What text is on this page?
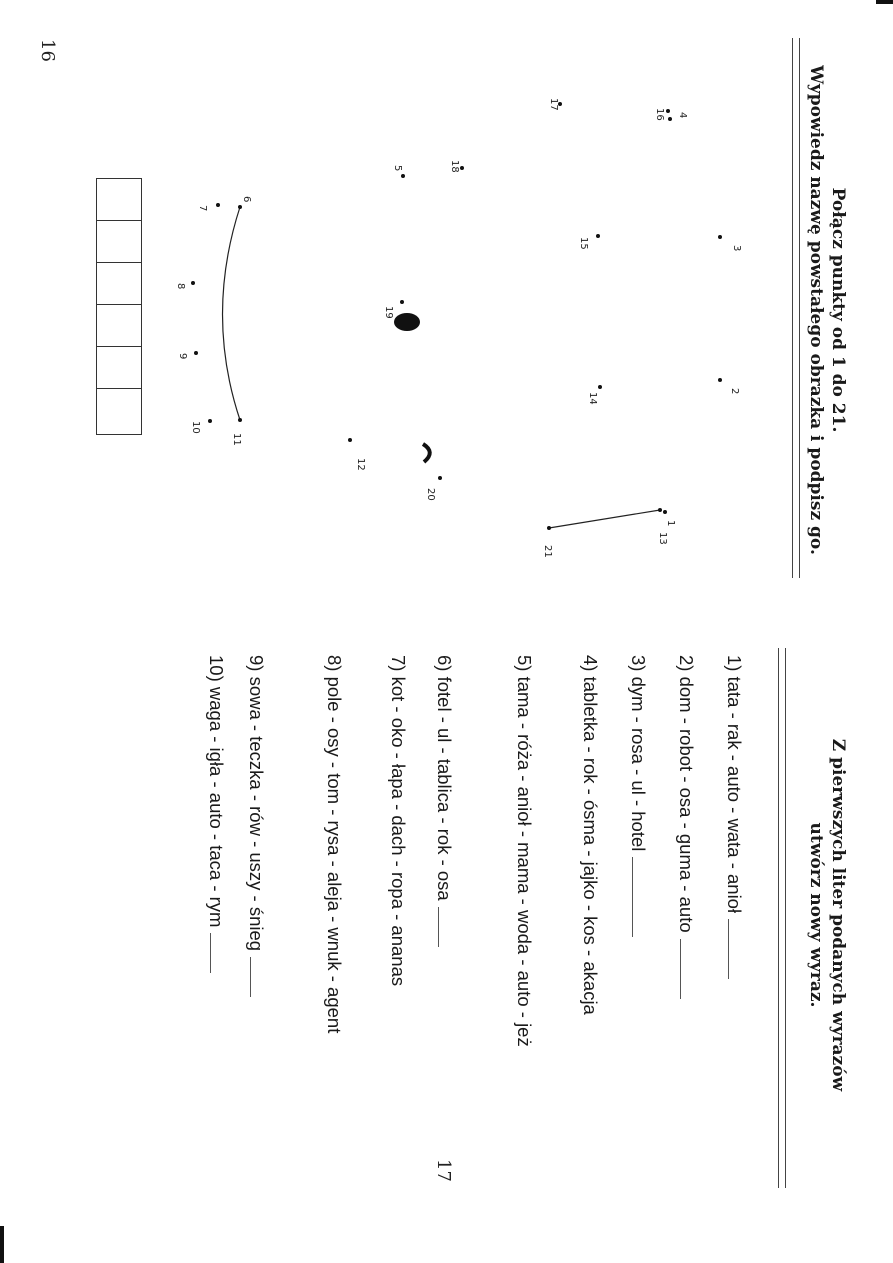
16
17
Połącz punkty od 1 do 21.
Wypowiedz nazwę powstałego obrazka i podpisz go.
1
2
3
4
5
6
7
8
9
10
11
12
13
14
15
16
17
18
19
20
21
Z pierwszych liter podanych wyrazów
utwórz nowy wyraz.
1) tata - rak - auto - wata - anioł
2) dom - robot - osa - guma - auto
3) dym - rosa - ul - hotel
4) tabletka - rok - ósma - jajko - kos - akacja
5) tama - róża - anioł - mama - woda - auto - jeż
6) fotel - ul - tablica - rok - osa
7) kot - oko - łapa - dach - ropa - ananas
8) pole - osy - tom - rysa - aleja - wnuk - agent
9) sowa - teczka - rów - uszy - śnieg
10) waga - igła - auto - taca - rym
